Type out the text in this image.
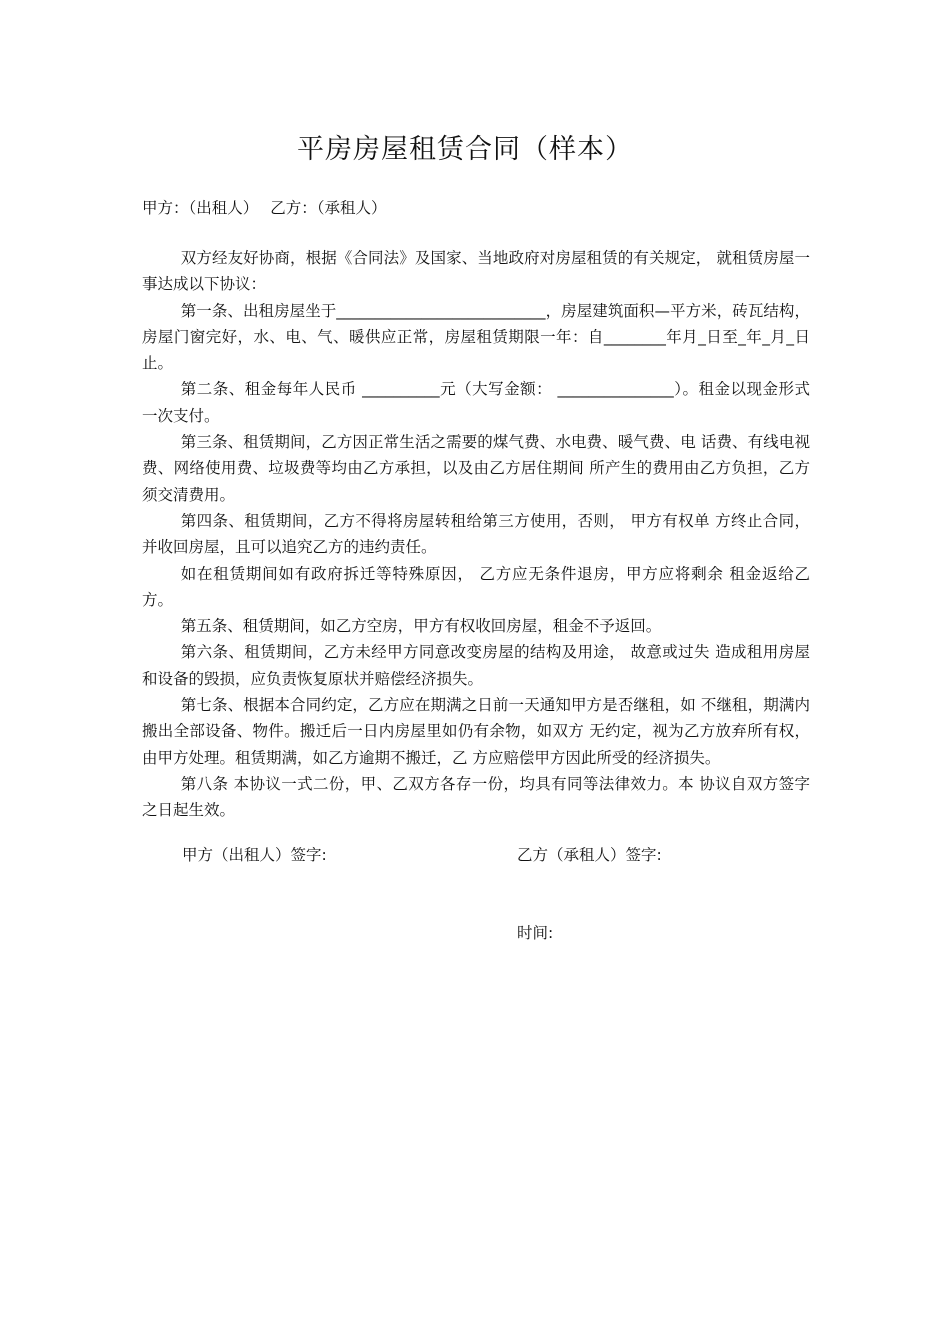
平房房屋租赁合同（样本）
甲方：（出租人） 乙方：（承租人）

双方经友好协商，根据《合同法》及国家、当地政府对房屋租赁的有关规定， 就租赁房屋一事达成以下协议：

第一条、出租房屋坐于___________________________，房屋建筑面积—平方米，砖瓦结构，房屋门窗完好，水、电、气、暖供应正常，房屋租赁期限一年：自________年月_日至_年_月_日止。

第二条、租金每年人民币 __________元（大写金额： _______________）。租金以现金形式一次支付。

第三条、租赁期间，乙方因正常生活之需要的煤气费、水电费、暖气费、电 话费、有线电视费、网络使用费、垃圾费等均由乙方承担，以及由乙方居住期间 所产生的费用由乙方负担，乙方须交清费用。

第四条、租赁期间，乙方不得将房屋转租给第三方使用，否则， 甲方有权单 方终止合同，并收回房屋，且可以追究乙方的违约责任。

如在租赁期间如有政府拆迁等特殊原因， 乙方应无条件退房，甲方应将剩余 租金返给乙方。

第五条、租赁期间，如乙方空房，甲方有权收回房屋，租金不予返回。

第六条、租赁期间，乙方未经甲方同意改变房屋的结构及用途， 故意或过失 造成租用房屋和设备的毁损，应负责恢复原状并赔偿经济损失。

第七条、根据本合同约定，乙方应在期满之日前一天通知甲方是否继租，如 不继租，期满内搬出全部设备、物件。搬迁后一日内房屋里如仍有余物，如双方 无约定，视为乙方放弃所有权，由甲方处理。租赁期满，如乙方逾期不搬迁，乙 方应赔偿甲方因此所受的经济损失。

第八条 本协议一式二份，甲、乙双方各存一份，均具有同等法律效力。本 协议自双方签字之日起生效。

甲方（出租人）签字:	乙方（承租人）签字:
时间:
